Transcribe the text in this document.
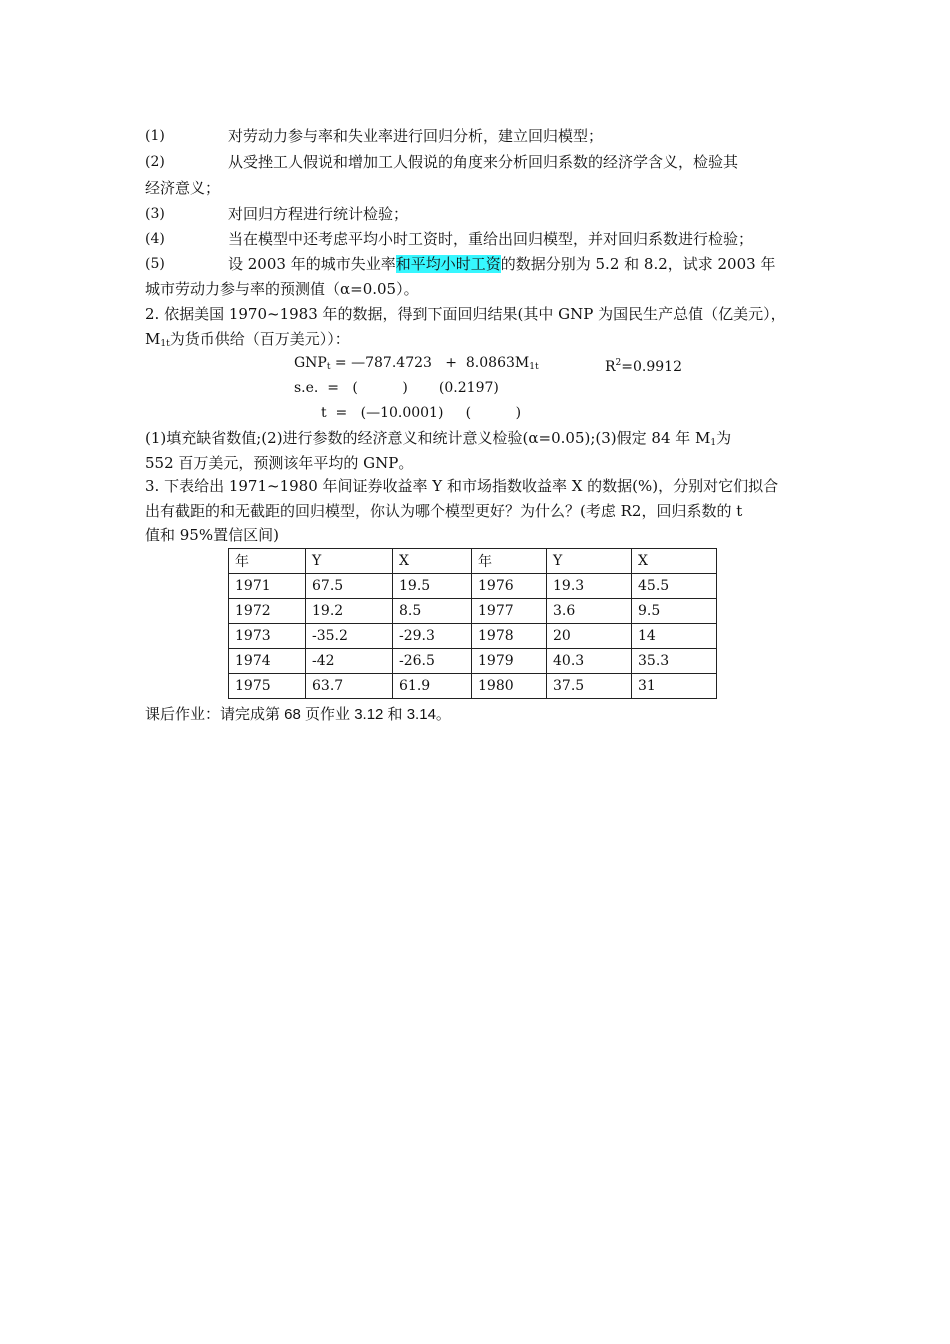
(1)	对劳动力参与率和失业率进行回归分析，建立回归模型；
(2)	从受挫工人假说和增加工人假说的角度来分析回归系数的经济学含义，检验其
经济意义；
(3)	对回归方程进行统计检验；
(4)	当在模型中还考虑平均小时工资时，重给出回归模型，并对回归系数进行检验；
(5)	设 2003 年的城市失业率和平均小时工资的数据分别为 5.2 和 8.2，试求 2003 年
城市劳动力参与率的预测值（α=0.05）。
2. 依据美国 1970~1983 年的数据，得到下面回归结果(其中 GNP 为国民生产总值（亿美元），
$M_{1t}$为货币供给（百万美元））：
$GNP_t$ = —787.4723   +  $8.0863M_{1t}$	$R^2=0.9912$
s.e.  =   (          )       (0.2197)
t  =   (—10.0001)     (          )
(1)填充缺省数值;(2)进行参数的经济意义和统计意义检验(α=0.05);(3)假定 84 年 $M_1$为
552 百万美元，预测该年平均的 GNP。
3. 下表给出 1971~1980 年间证券收益率 Y 和市场指数收益率 X 的数据(%)，分别对它们拟合
出有截距的和无截距的回归模型，你认为哪个模型更好？为什么？(考虑 R2，回归系数的 t
值和 95%置信区间)
年	Y	X	年	Y	X
1971	67.5	19.5	1976	19.3	45.5
1972	19.2	8.5	1977	3.6	9.5
1973	-35.2	-29.3	1978	20	14
1974	-42	-26.5	1979	40.3	35.3
1975	63.7	61.9	1980	37.5	31
课后作业：请完成第 68 页作业 3.12 和 3.14。
